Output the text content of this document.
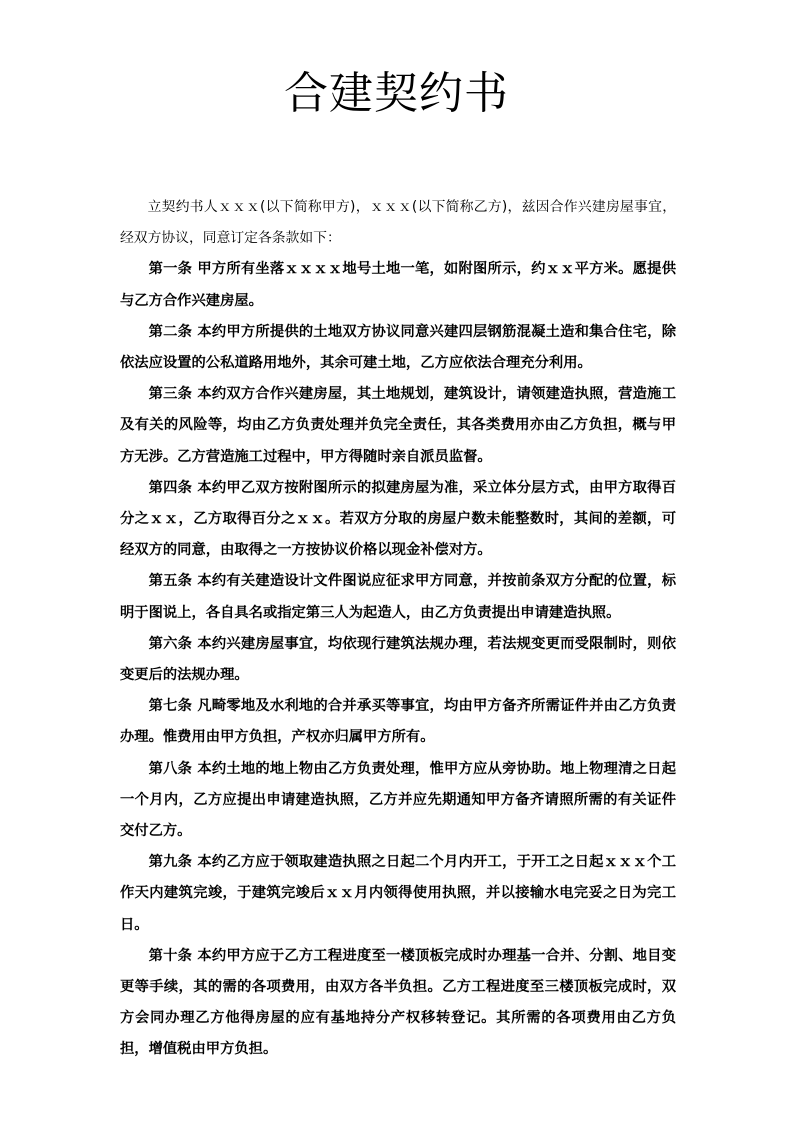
合建契约书

立契约书人ｘｘｘ(以下简称甲方)，ｘｘｘ(以下简称乙方)，兹因合作兴建房屋事宜，经双方协议，同意订定各条款如下：

第一条 甲方所有坐落ｘｘｘｘ地号土地一笔，如附图所示，约ｘｘ平方米。愿提供与乙方合作兴建房屋。

第二条 本约甲方所提供的土地双方协议同意兴建四层钢筋混凝土造和集合住宅，除依法应设置的公私道路用地外，其余可建土地，乙方应依法合理充分利用。

第三条 本约双方合作兴建房屋，其土地规划，建筑设计，请领建造执照，营造施工及有关的风险等，均由乙方负责处理并负完全责任，其各类费用亦由乙方负担，概与甲方无涉。乙方营造施工过程中，甲方得随时亲自派员监督。

第四条 本约甲乙双方按附图所示的拟建房屋为准，采立体分层方式，由甲方取得百分之ｘｘ，乙方取得百分之ｘｘ。若双方分取的房屋户数未能整数时，其间的差额，可经双方的同意，由取得之一方按协议价格以现金补偿对方。

第五条 本约有关建造设计文件图说应征求甲方同意，并按前条双方分配的位置，标明于图说上，各自具名或指定第三人为起造人，由乙方负责提出申请建造执照。

第六条 本约兴建房屋事宜，均依现行建筑法规办理，若法规变更而受限制时，则依变更后的法规办理。

第七条 凡畸零地及水利地的合并承买等事宜，均由甲方备齐所需证件并由乙方负责办理。惟费用由甲方负担，产权亦归属甲方所有。

第八条 本约土地的地上物由乙方负责处理，惟甲方应从旁协助。地上物理清之日起一个月内，乙方应提出申请建造执照，乙方并应先期通知甲方备齐请照所需的有关证件交付乙方。

第九条 本约乙方应于领取建造执照之日起二个月内开工，于开工之日起ｘｘｘ个工作天内建筑完竣，于建筑完竣后ｘｘ月内领得使用执照，并以接输水电完妥之日为完工日。

第十条 本约甲方应于乙方工程进度至一楼顶板完成时办理基一合并、分割、地目变更等手续，其的需的各项费用，由双方各半负担。乙方工程进度至三楼顶板完成时，双方会同办理乙方他得房屋的应有基地持分产权移转登记。其所需的各项费用由乙方负担，增值税由甲方负担。
